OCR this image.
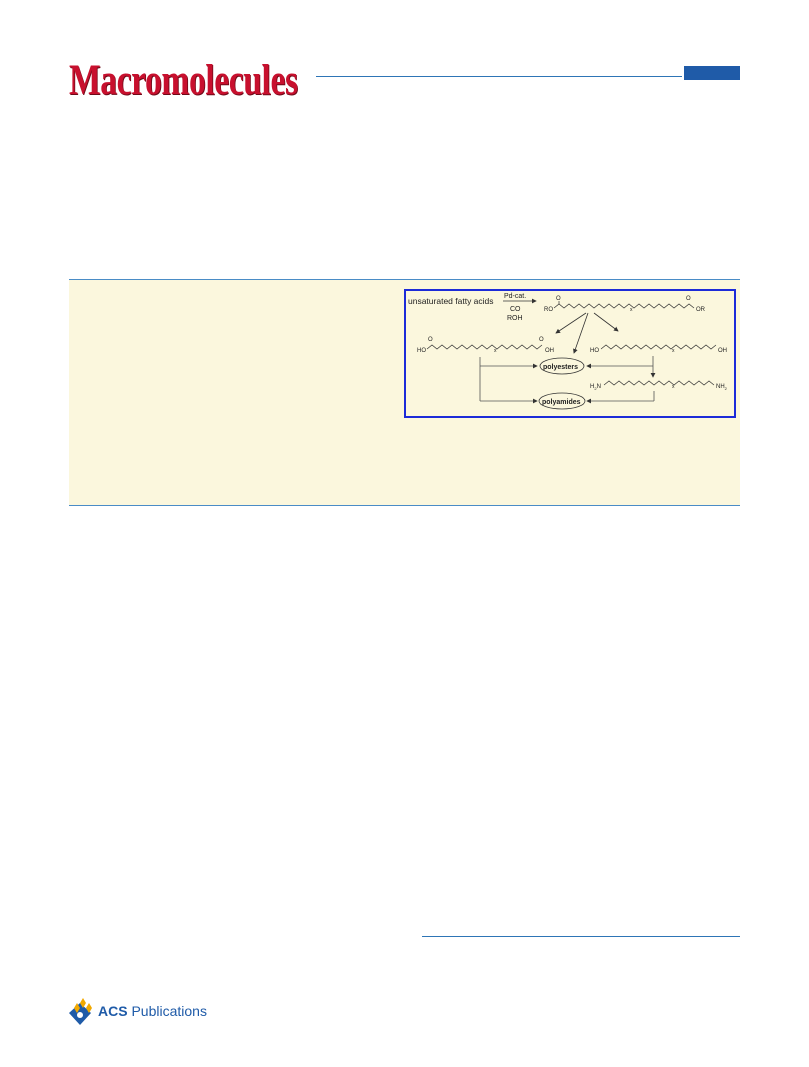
Macromolecules
unsaturated fatty acids Pd-cat.
CO
ROH
O
RO	x
O
OR
O
HO	x
O
OH	HO	x	OH
polyesters
$H_2N$	x	$NH_2$
polyamides

ACS Publications
